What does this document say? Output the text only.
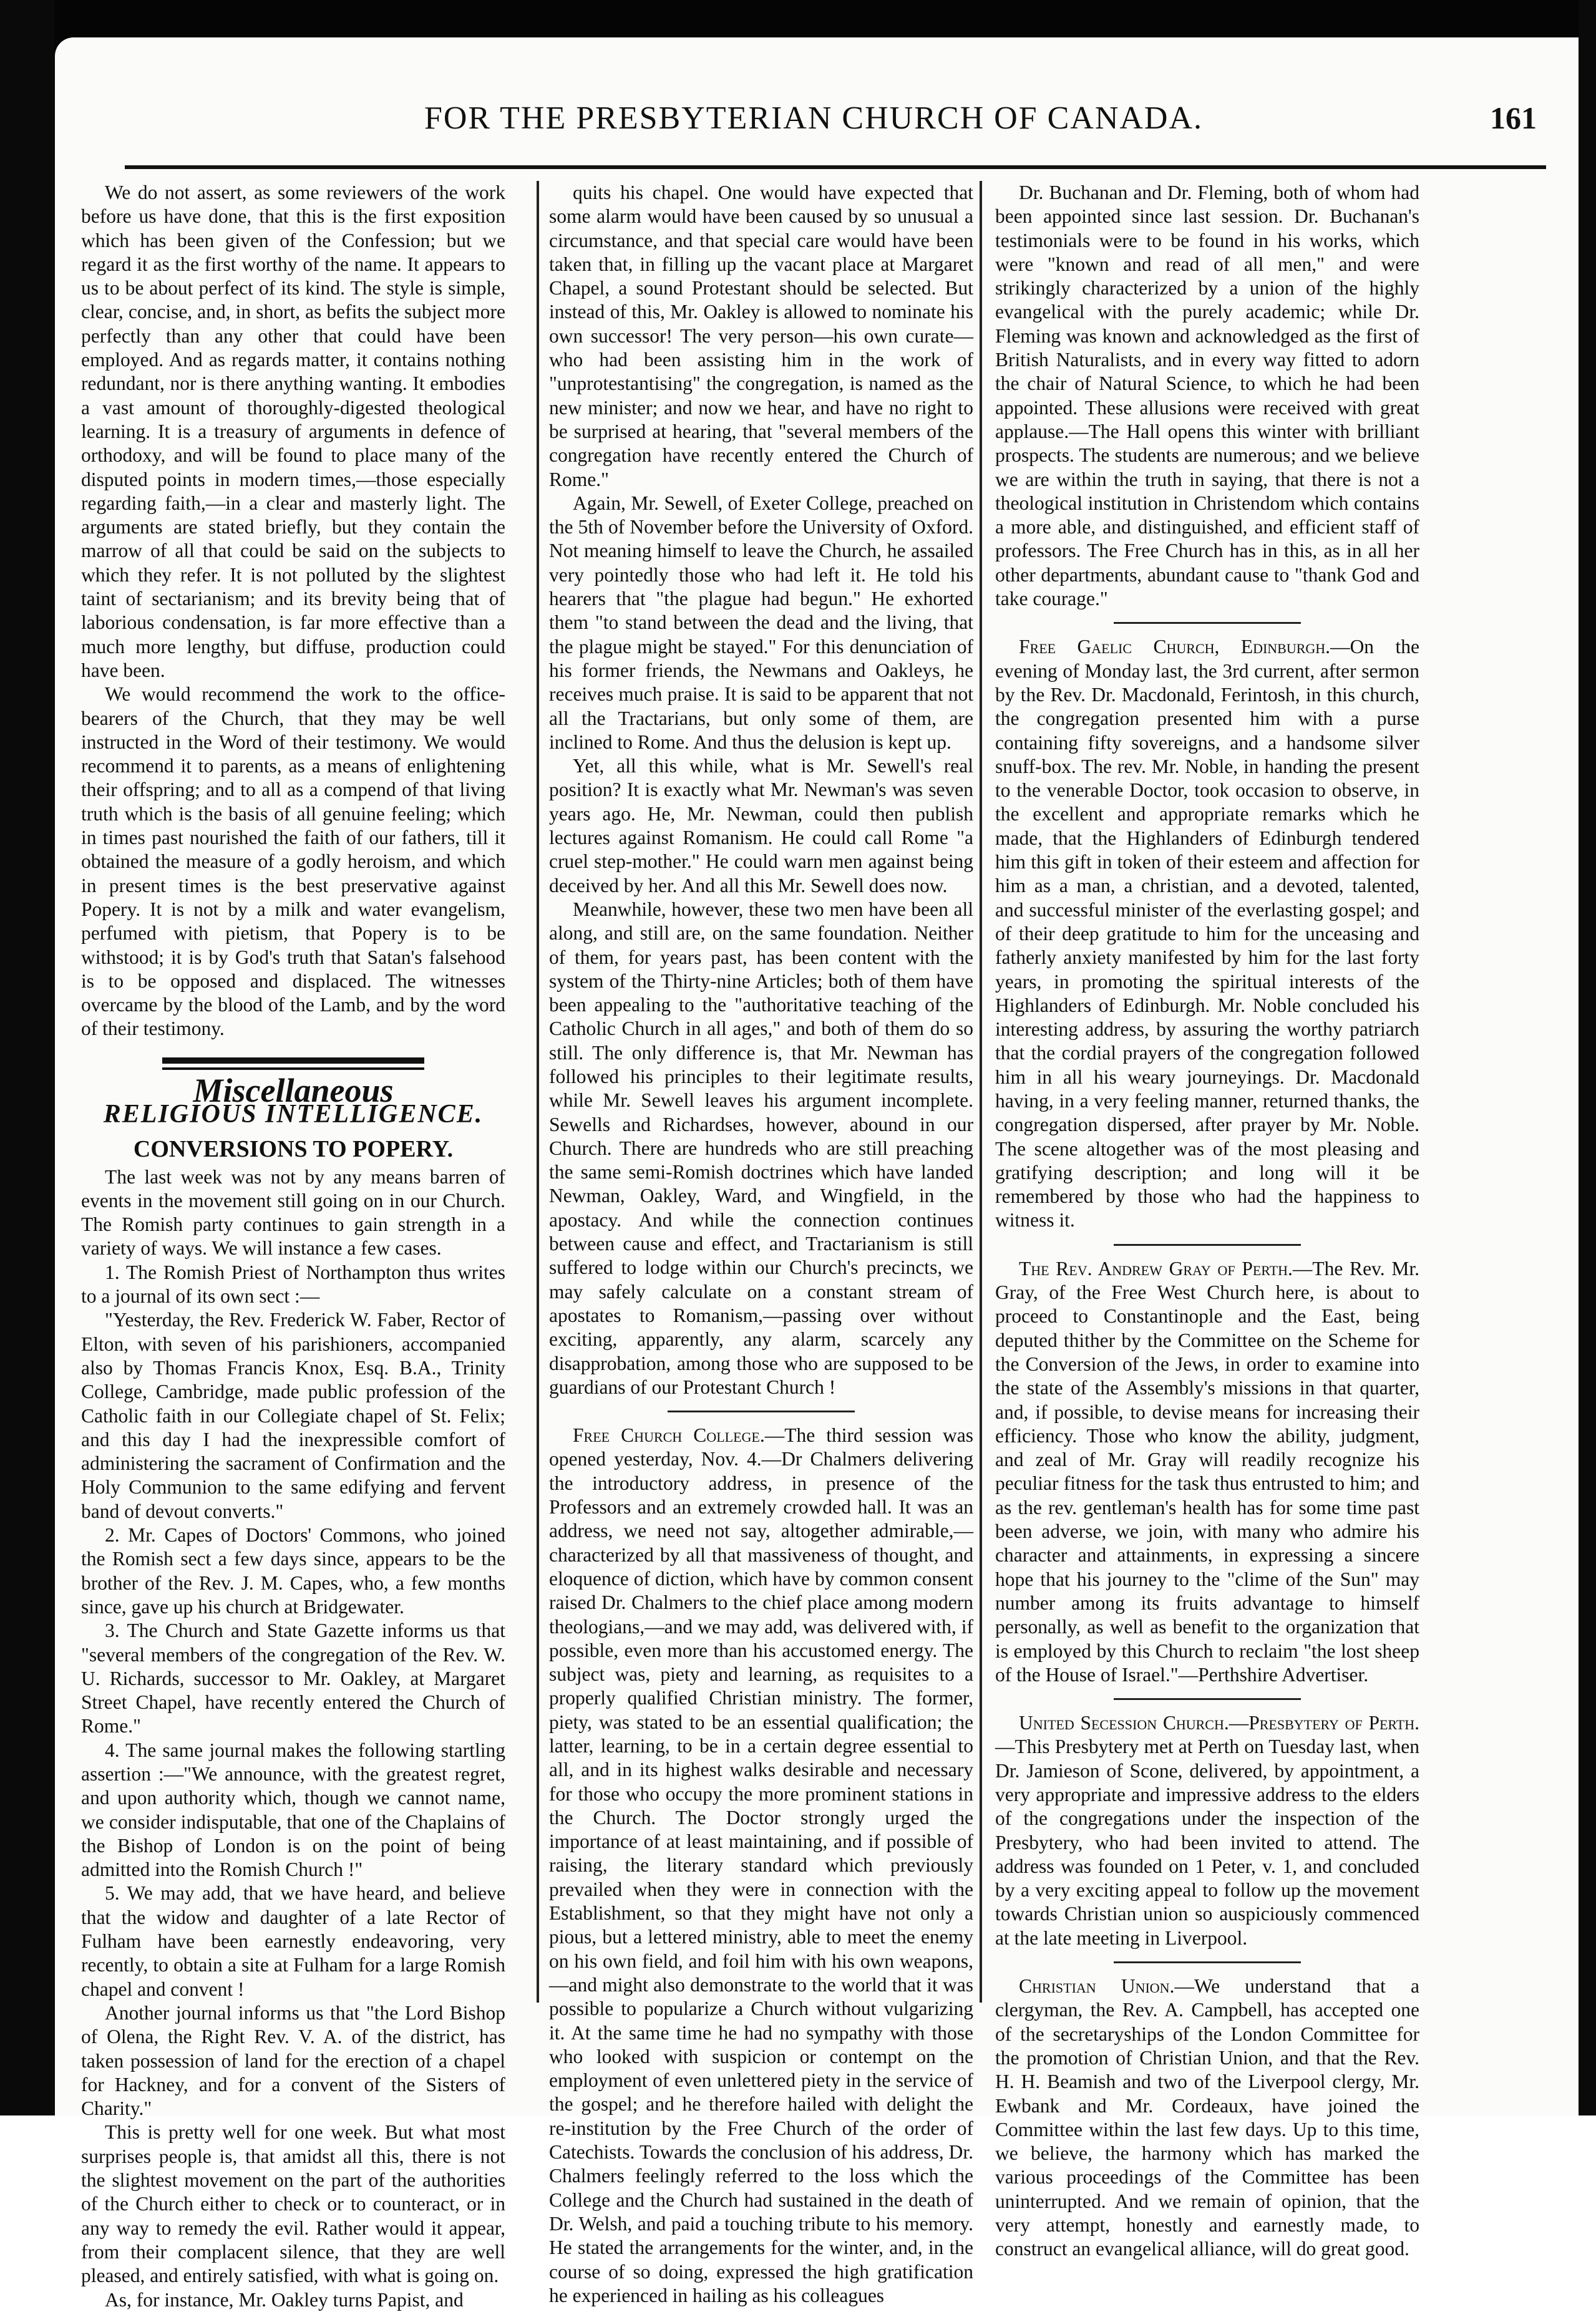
FOR THE PRESBYTERIAN CHURCH OF CANADA.	161

We do not assert, as some reviewers of the work before us have done, that this is the first exposition which has been given of the Confession; but we regard it as the first worthy of the name. It appears to us to be about perfect of its kind. The style is simple, clear, concise, and, in short, as befits the subject more perfectly than any other that could have been employed. And as regards matter, it contains nothing redundant, nor is there anything wanting. It embodies a vast amount of thoroughly-digested theological learning. It is a treasury of arguments in defence of orthodoxy, and will be found to place many of the disputed points in modern times,—those especially regarding faith,—in a clear and masterly light. The arguments are stated briefly, but they contain the marrow of all that could be said on the subjects to which they refer. It is not polluted by the slightest taint of sectarianism; and its brevity being that of laborious condensation, is far more effective than a much more lengthy, but diffuse, production could have been.

We would recommend the work to the office-bearers of the Church, that they may be well instructed in the Word of their testimony. We would recommend it to parents, as a means of enlightening their offspring; and to all as a compend of that living truth which is the basis of all genuine feeling; which in times past nourished the faith of our fathers, till it obtained the measure of a godly heroism, and which in present times is the best preservative against Popery. It is not by a milk and water evangelism, perfumed with pietism, that Popery is to be withstood; it is by God's truth that Satan's falsehood is to be opposed and displaced. The witnesses overcame by the blood of the Lamb, and by the word of their testimony.

Miscellaneous
RELIGIOUS INTELLIGENCE.
CONVERSIONS TO POPERY.

The last week was not by any means barren of events in the movement still going on in our Church. The Romish party continues to gain strength in a variety of ways. We will instance a few cases.

1. The Romish Priest of Northampton thus writes to a journal of its own sect :—

"Yesterday, the Rev. Frederick W. Faber, Rector of Elton, with seven of his parishioners, accompanied also by Thomas Francis Knox, Esq. B.A., Trinity College, Cambridge, made public profession of the Catholic faith in our Collegiate chapel of St. Felix; and this day I had the inexpressible comfort of administering the sacrament of Confirmation and the Holy Communion to the same edifying and fervent band of devout converts."

2. Mr. Capes of Doctors' Commons, who joined the Romish sect a few days since, appears to be the brother of the Rev. J. M. Capes, who, a few months since, gave up his church at Bridgewater.

3. The Church and State Gazette informs us that "several members of the congregation of the Rev. W. U. Richards, successor to Mr. Oakley, at Margaret Street Chapel, have recently entered the Church of Rome."

4. The same journal makes the following startling assertion :—"We announce, with the greatest regret, and upon authority which, though we cannot name, we consider indisputable, that one of the Chaplains of the Bishop of London is on the point of being admitted into the Romish Church !"

5. We may add, that we have heard, and believe that the widow and daughter of a late Rector of Fulham have been earnestly endeavoring, very recently, to obtain a site at Fulham for a large Romish chapel and convent !

Another journal informs us that "the Lord Bishop of Olena, the Right Rev. V. A. of the district, has taken possession of land for the erection of a chapel for Hackney, and for a convent of the Sisters of Charity."

This is pretty well for one week. But what most surprises people is, that amidst all this, there is not the slightest movement on the part of the authorities of the Church either to check or to counteract, or in any way to remedy the evil. Rather would it appear, from their complacent silence, that they are well pleased, and entirely satisfied, with what is going on.

As, for instance, Mr. Oakley turns Papist, and

quits his chapel. One would have expected that some alarm would have been caused by so unusual a circumstance, and that special care would have been taken that, in filling up the vacant place at Margaret Chapel, a sound Protestant should be selected. But instead of this, Mr. Oakley is allowed to nominate his own successor! The very person—his own curate—who had been assisting him in the work of "unprotestantising" the congregation, is named as the new minister; and now we hear, and have no right to be surprised at hearing, that "several members of the congregation have recently entered the Church of Rome."

Again, Mr. Sewell, of Exeter College, preached on the 5th of November before the University of Oxford. Not meaning himself to leave the Church, he assailed very pointedly those who had left it. He told his hearers that "the plague had begun." He exhorted them "to stand between the dead and the living, that the plague might be stayed." For this denunciation of his former friends, the Newmans and Oakleys, he receives much praise. It is said to be apparent that not all the Tractarians, but only some of them, are inclined to Rome. And thus the delusion is kept up.

Yet, all this while, what is Mr. Sewell's real position? It is exactly what Mr. Newman's was seven years ago. He, Mr. Newman, could then publish lectures against Romanism. He could call Rome "a cruel step-mother." He could warn men against being deceived by her. And all this Mr. Sewell does now.

Meanwhile, however, these two men have been all along, and still are, on the same foundation. Neither of them, for years past, has been content with the system of the Thirty-nine Articles; both of them have been appealing to the "authoritative teaching of the Catholic Church in all ages," and both of them do so still. The only difference is, that Mr. Newman has followed his principles to their legitimate results, while Mr. Sewell leaves his argument incomplete. Sewells and Richardses, however, abound in our Church. There are hundreds who are still preaching the same semi-Romish doctrines which have landed Newman, Oakley, Ward, and Wingfield, in the apostacy. And while the connection continues between cause and effect, and Tractarianism is still suffered to lodge within our Church's precincts, we may safely calculate on a constant stream of apostates to Romanism,—passing over without exciting, apparently, any alarm, scarcely any disapprobation, among those who are supposed to be guardians of our Protestant Church !

Free Church College.—The third session was opened yesterday, Nov. 4.—Dr Chalmers delivering the introductory address, in presence of the Professors and an extremely crowded hall. It was an address, we need not say, altogether admirable,—characterized by all that massiveness of thought, and eloquence of diction, which have by common consent raised Dr. Chalmers to the chief place among modern theologians,—and we may add, was delivered with, if possible, even more than his accustomed energy. The subject was, piety and learning, as requisites to a properly qualified Christian ministry. The former, piety, was stated to be an essential qualification; the latter, learning, to be in a certain degree essential to all, and in its highest walks desirable and necessary for those who occupy the more prominent stations in the Church. The Doctor strongly urged the importance of at least maintaining, and if possible of raising, the literary standard which previously prevailed when they were in connection with the Establishment, so that they might have not only a pious, but a lettered ministry, able to meet the enemy on his own field, and foil him with his own weapons,—and might also demonstrate to the world that it was possible to popularize a Church without vulgarizing it. At the same time he had no sympathy with those who looked with suspicion or contempt on the employment of even unlettered piety in the service of the gospel; and he therefore hailed with delight the re-institution by the Free Church of the order of Catechists. Towards the conclusion of his address, Dr. Chalmers feelingly referred to the loss which the College and the Church had sustained in the death of Dr. Welsh, and paid a touching tribute to his memory. He stated the arrangements for the winter, and, in the course of so doing, expressed the high gratification he experienced in hailing as his colleagues

Dr. Buchanan and Dr. Fleming, both of whom had been appointed since last session. Dr. Buchanan's testimonials were to be found in his works, which were "known and read of all men," and were strikingly characterized by a union of the highly evangelical with the purely academic; while Dr. Fleming was known and acknowledged as the first of British Naturalists, and in every way fitted to adorn the chair of Natural Science, to which he had been appointed. These allusions were received with great applause.—The Hall opens this winter with brilliant prospects. The students are numerous; and we believe we are within the truth in saying, that there is not a theological institution in Christendom which contains a more able, and distinguished, and efficient staff of professors. The Free Church has in this, as in all her other departments, abundant cause to "thank God and take courage."

Free Gaelic Church, Edinburgh.—On the evening of Monday last, the 3rd current, after sermon by the Rev. Dr. Macdonald, Ferintosh, in this church, the congregation presented him with a purse containing fifty sovereigns, and a handsome silver snuff-box. The rev. Mr. Noble, in handing the present to the venerable Doctor, took occasion to observe, in the excellent and appropriate remarks which he made, that the Highlanders of Edinburgh tendered him this gift in token of their esteem and affection for him as a man, a christian, and a devoted, talented, and successful minister of the everlasting gospel; and of their deep gratitude to him for the unceasing and fatherly anxiety manifested by him for the last forty years, in promoting the spiritual interests of the Highlanders of Edinburgh. Mr. Noble concluded his interesting address, by assuring the worthy patriarch that the cordial prayers of the congregation followed him in all his weary journeyings. Dr. Macdonald having, in a very feeling manner, returned thanks, the congregation dispersed, after prayer by Mr. Noble. The scene altogether was of the most pleasing and gratifying description; and long will it be remembered by those who had the happiness to witness it.

The Rev. Andrew Gray of Perth.—The Rev. Mr. Gray, of the Free West Church here, is about to proceed to Constantinople and the East, being deputed thither by the Committee on the Scheme for the Conversion of the Jews, in order to examine into the state of the Assembly's missions in that quarter, and, if possible, to devise means for increasing their efficiency. Those who know the ability, judgment, and zeal of Mr. Gray will readily recognize his peculiar fitness for the task thus entrusted to him; and as the rev. gentleman's health has for some time past been adverse, we join, with many who admire his character and attainments, in expressing a sincere hope that his journey to the "clime of the Sun" may number among its fruits advantage to himself personally, as well as benefit to the organization that is employed by this Church to reclaim "the lost sheep of the House of Israel."—Perthshire Advertiser.

United Secession Church.—Presbytery of Perth.—This Presbytery met at Perth on Tuesday last, when Dr. Jamieson of Scone, delivered, by appointment, a very appropriate and impressive address to the elders of the congregations under the inspection of the Presbytery, who had been invited to attend. The address was founded on 1 Peter, v. 1, and concluded by a very exciting appeal to follow up the movement towards Christian union so auspiciously commenced at the late meeting in Liverpool.

Christian Union.—We understand that a clergyman, the Rev. A. Campbell, has accepted one of the secretaryships of the London Committee for the promotion of Christian Union, and that the Rev. H. H. Beamish and two of the Liverpool clergy, Mr. Ewbank and Mr. Cordeaux, have joined the Committee within the last few days. Up to this time, we believe, the harmony which has marked the various proceedings of the Committee has been uninterrupted. And we remain of opinion, that the very attempt, honestly and earnestly made, to construct an evangelical alliance, will do great good.
